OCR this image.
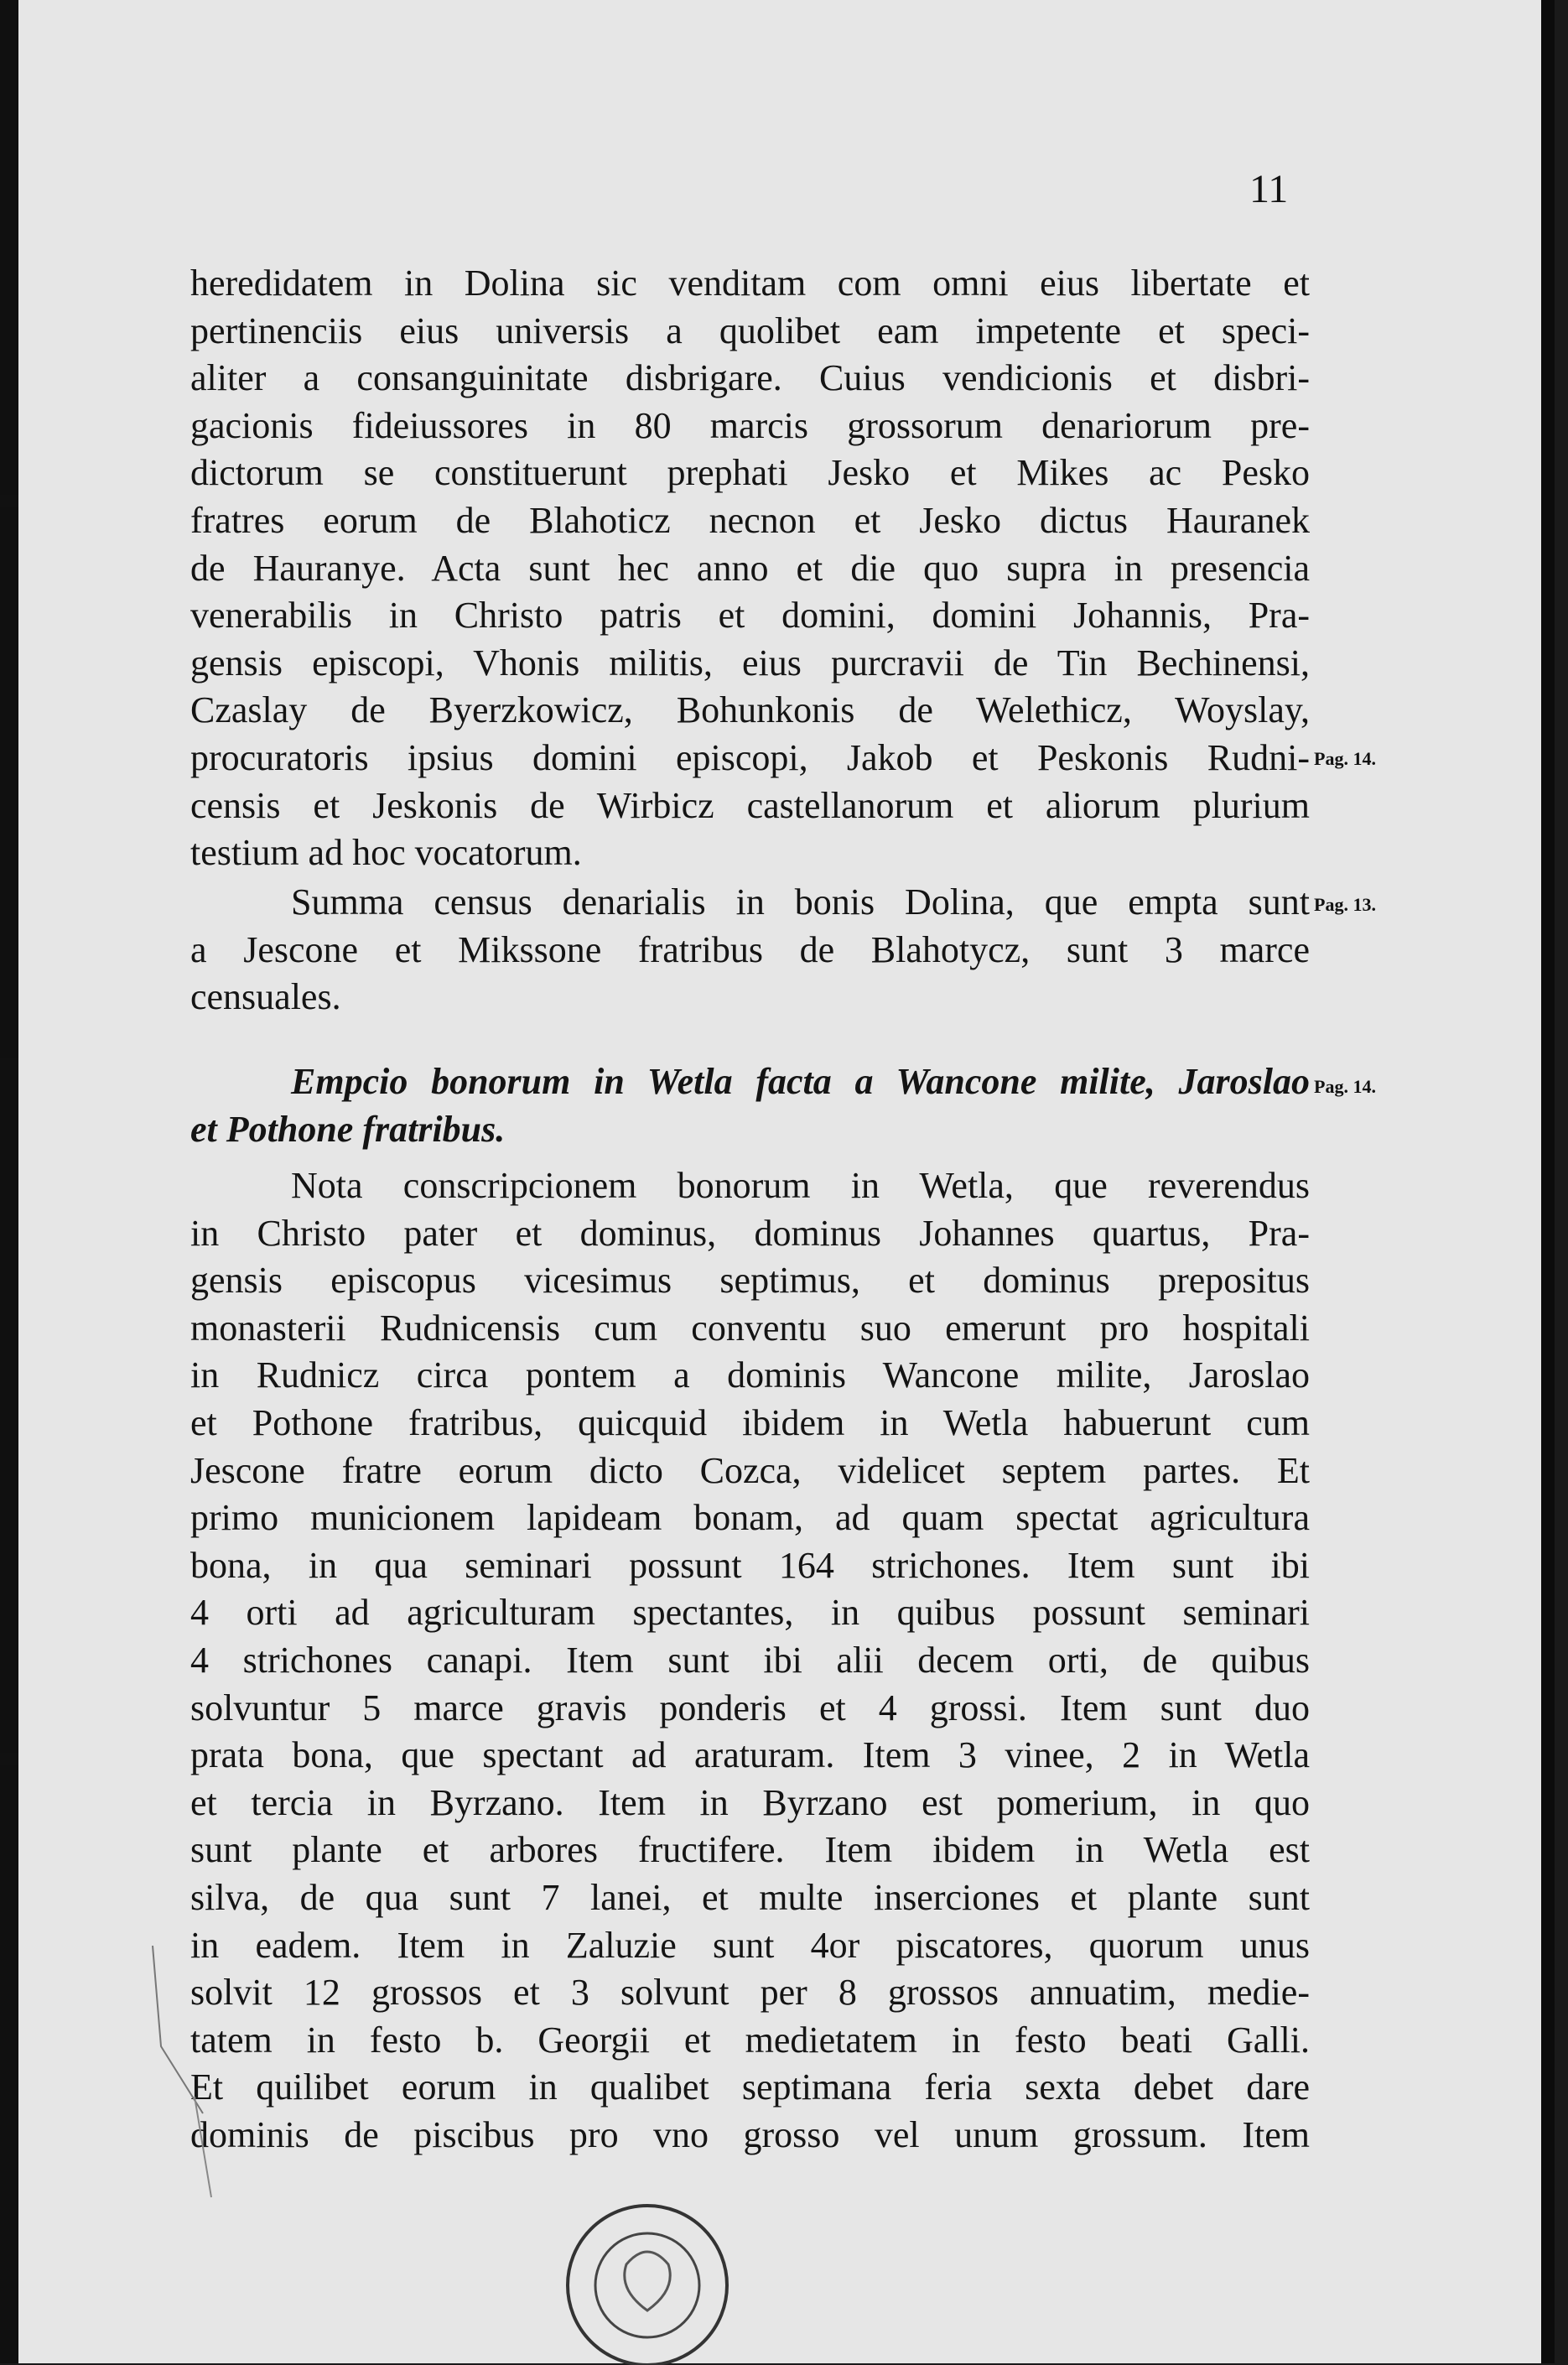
11
heredidatem in Dolina sic venditam com omni eius libertate et
pertinenciis eius universis a quolibet eam impetente et speci-
aliter a consanguinitate disbrigare. Cuius vendicionis et disbri-
gacionis fideiussores in 80 marcis grossorum denariorum pre-
dictorum se constituerunt prephati Jesko et Mikes ac Pesko
fratres eorum de Blahoticz necnon et Jesko dictus Hauranek
de Hauranye. Acta sunt hec anno et die quo supra in presencia
venerabilis in Christo patris et domini, domini Johannis, Pra-
gensis episcopi, Vhonis militis, eius purcravii de Tin Bechinensi,
Czaslay de Byerzkowicz, Bohunkonis de Welethicz, Woyslay,
procuratoris ipsius domini episcopi, Jakob et Peskonis Rudni-
censis et Jeskonis de Wirbicz castellanorum et aliorum plurium
testium ad hoc vocatorum.
Summa census denarialis in bonis Dolina, que empta sunt
a Jescone et Mikssone fratribus de Blahotycz, sunt 3 marce
censuales.
Empcio bonorum in Wetla facta a Wancone milite, Jaroslao
et Pothone fratribus.
Nota conscripcionem bonorum in Wetla, que reverendus
in Christo pater et dominus, dominus Johannes quartus, Pra-
gensis episcopus vicesimus septimus, et dominus prepositus
monasterii Rudnicensis cum conventu suo emerunt pro hospitali
in Rudnicz circa pontem a dominis Wancone milite, Jaroslao
et Pothone fratribus, quicquid ibidem in Wetla habuerunt cum
Jescone fratre eorum dicto Cozca, videlicet septem partes. Et
primo municionem lapideam bonam, ad quam spectat agricultura
bona, in qua seminari possunt 164 strichones. Item sunt ibi
4 orti ad agriculturam spectantes, in quibus possunt seminari
4 strichones canapi. Item sunt ibi alii decem orti, de quibus
solvuntur 5 marce gravis ponderis et 4 grossi. Item sunt duo
prata bona, que spectant ad araturam. Item 3 vinee, 2 in Wetla
et tercia in Byrzano. Item in Byrzano est pomerium, in quo
sunt plante et arbores fructifere. Item ibidem in Wetla est
silva, de qua sunt 7 lanei, et multe inserciones et plante sunt
in eadem. Item in Zaluzie sunt 4or piscatores, quorum unus
solvit 12 grossos et 3 solvunt per 8 grossos annuatim, medie-
tatem in festo b. Georgii et medietatem in festo beati Galli.
Et quilibet eorum in qualibet septimana feria sexta debet dare
dominis de piscibus pro vno grosso vel unum grossum. Item
Pag. 14.
Pag. 13.
Pag. 14.
